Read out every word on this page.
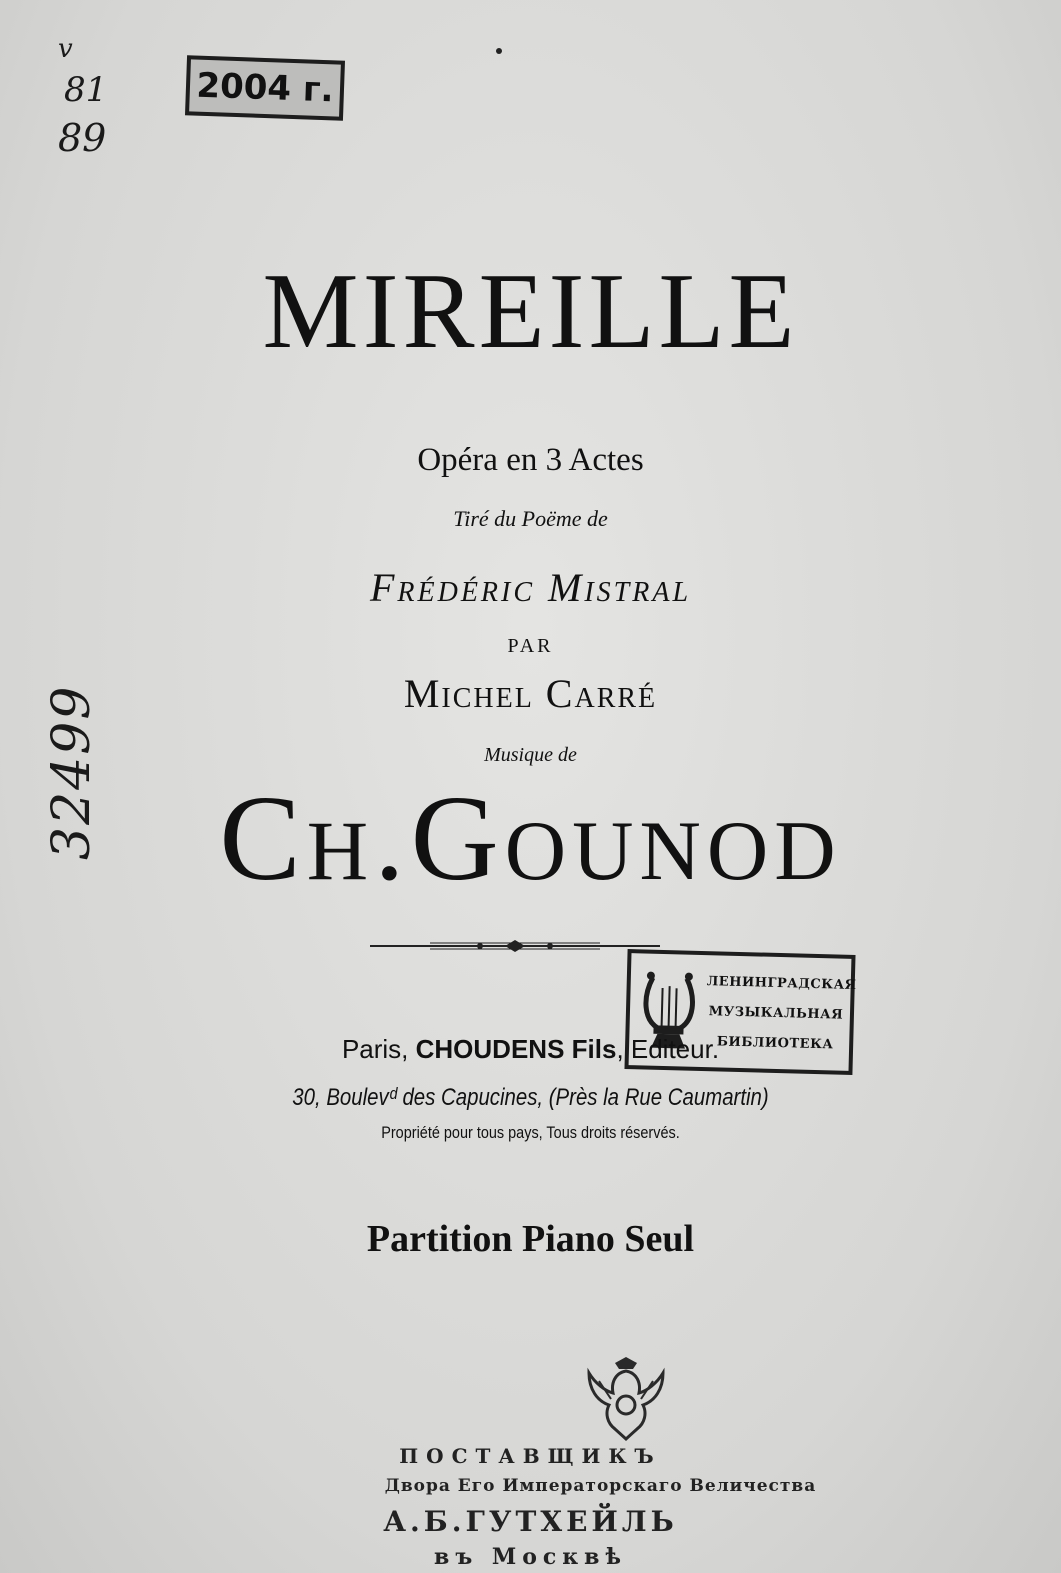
v
81
89
32499
2004 г.
MIREILLE
Opéra en 3 Actes
Tiré du Poëme de
Frédéric Mistral
PAR
Michel Carré
Musique de
Ch.Gounod
ЛЕНИНГРАДСКАЯ
МУЗЫКАЛЬНАЯ
БИБЛИОТЕКА
Paris, CHOUDENS Fils, Editeur.
30, Boulevᵈ des Capucines, (Près la Rue Caumartin)
Propriété pour tous pays, Tous droits réservés.
Partition Piano Seul
ПОСТАВЩИКЪ
Двора Его Императорскаго Величества
А.Б.ГУТХЕЙЛЬ
въ Москвѣ
